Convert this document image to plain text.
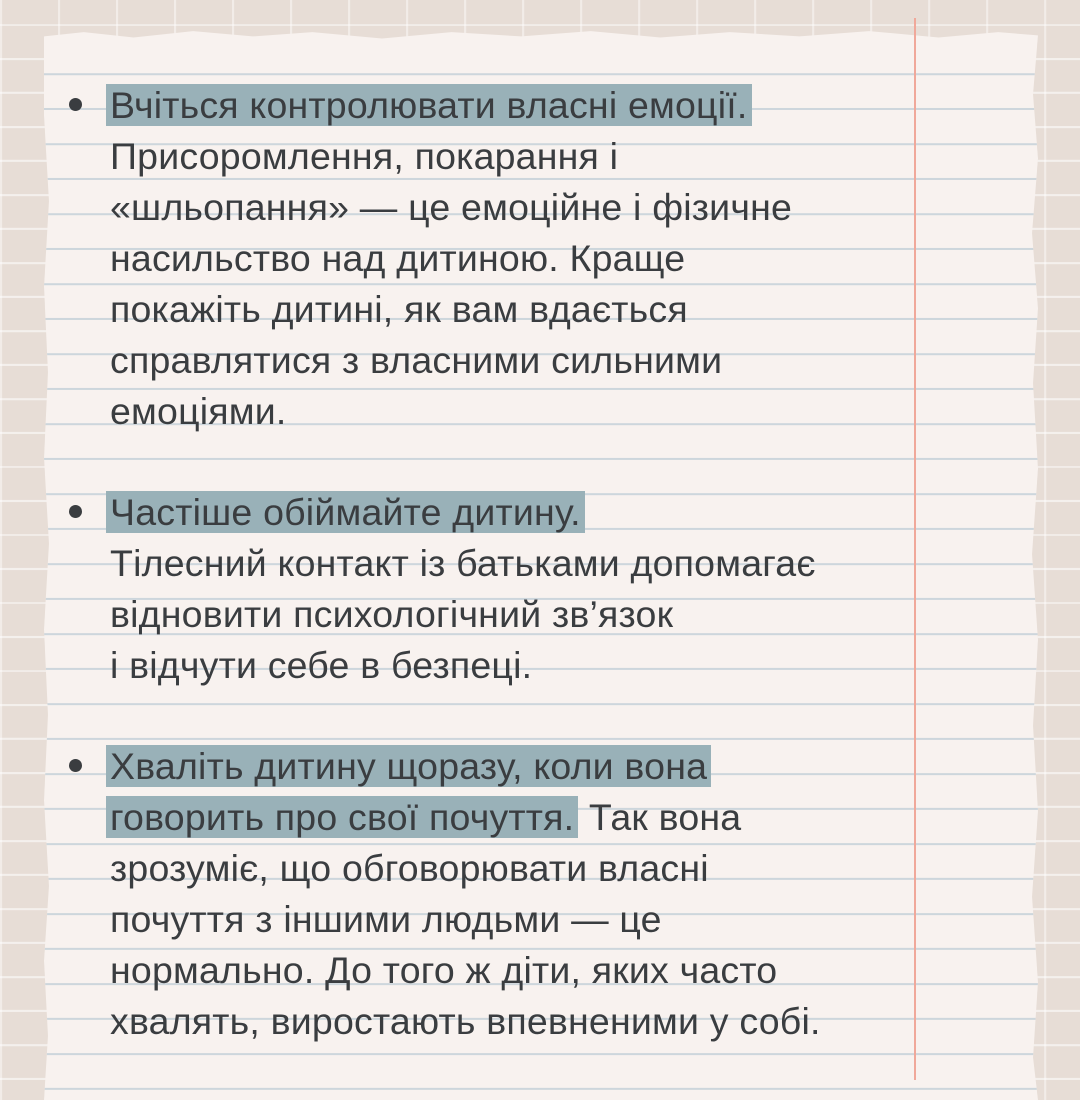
Вчіться контролювати власні емоції.
Присоромлення, покарання і
«шльопання» — це емоційне і фізичне
насильство над дитиною. Краще
покажіть дитині, як вам вдається
справлятися з власними сильними
емоціями.
Частіше обіймайте дитину.
Тілесний контакт із батьками допомагає
відновити психологічний зв’язок
і відчути себе в безпеці.
Хваліть дитину щоразу, коли вона
говорить про свої почуття. Так вона
зрозуміє, що обговорювати власні
почуття з іншими людьми — це
нормально. До того ж діти, яких часто
хвалять, виростають впевненими у собі.
